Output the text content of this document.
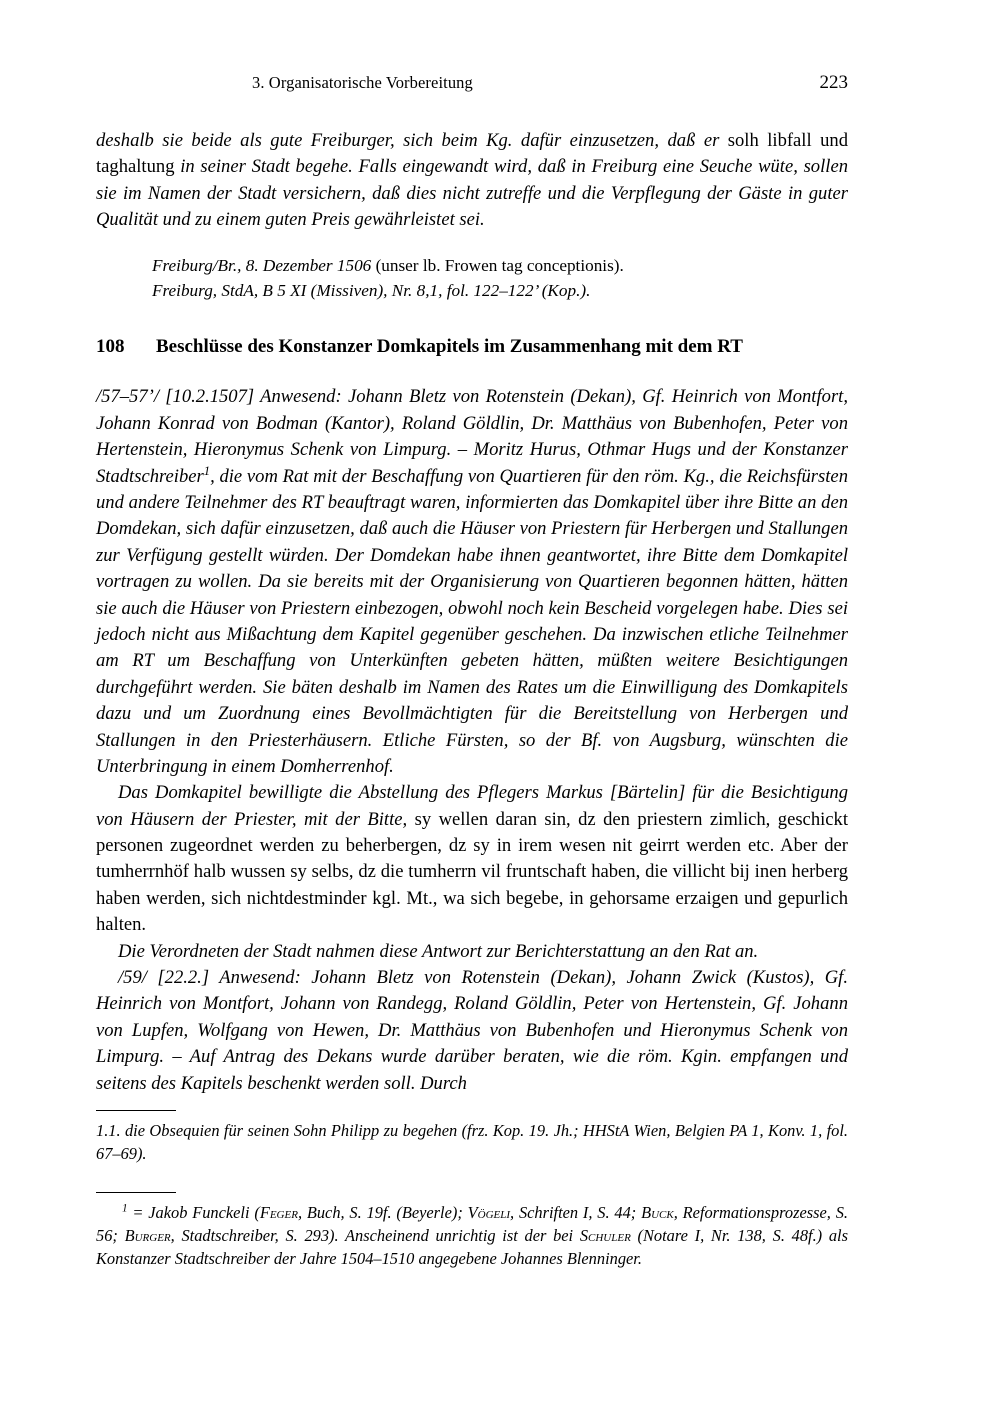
3. Organisatorische Vorbereitung	223

deshalb sie beide als gute Freiburger, sich beim Kg. dafür einzusetzen, daß er solh libfall und taghaltung in seiner Stadt begehe. Falls eingewandt wird, daß in Freiburg eine Seuche wüte, sollen sie im Namen der Stadt versichern, daß dies nicht zutreffe und die Verpflegung der Gäste in guter Qualität und zu einem guten Preis gewährleistet sei.

Freiburg/Br., 8. Dezember 1506 (unser lb. Frowen tag conceptionis).
Freiburg, StdA, B 5 XI (Missiven), Nr. 8,1, fol. 122–122’ (Kop.).
108	Beschlüsse des Konstanzer Domkapitels im Zusammenhang mit dem RT

/57–57’/ [10.2.1507] Anwesend: Johann Bletz von Rotenstein (Dekan), Gf. Heinrich von Montfort, Johann Konrad von Bodman (Kantor), Roland Göldlin, Dr. Matthäus von Bubenhofen, Peter von Hertenstein, Hieronymus Schenk von Limpurg. – Moritz Hurus, Othmar Hugs und der Konstanzer Stadtschreiber$^1$, die vom Rat mit der Beschaffung von Quartieren für den röm. Kg., die Reichsfürsten und andere Teilnehmer des RT beauftragt waren, informierten das Domkapitel über ihre Bitte an den Domdekan, sich dafür einzusetzen, daß auch die Häuser von Priestern für Herbergen und Stallungen zur Verfügung gestellt würden. Der Domdekan habe ihnen geantwortet, ihre Bitte dem Domkapitel vortragen zu wollen. Da sie bereits mit der Organisierung von Quartieren begonnen hätten, hätten sie auch die Häuser von Priestern einbezogen, obwohl noch kein Bescheid vorgelegen habe. Dies sei jedoch nicht aus Mißachtung dem Kapitel gegenüber geschehen. Da inzwischen etliche Teilnehmer am RT um Beschaffung von Unterkünften gebeten hätten, müßten weitere Besichtigungen durchgeführt werden. Sie bäten deshalb im Namen des Rates um die Einwilligung des Domkapitels dazu und um Zuordnung eines Bevollmächtigten für die Bereitstellung von Herbergen und Stallungen in den Priesterhäusern. Etliche Fürsten, so der Bf. von Augsburg, wünschten die Unterbringung in einem Domherrenhof.

Das Domkapitel bewilligte die Abstellung des Pflegers Markus [Bärtelin] für die Besichtigung von Häusern der Priester, mit der Bitte, sy wellen daran sin, dz den priestern zimlich, geschickt personen zugeordnet werden zu beherbergen, dz sy in irem wesen nit geirrt werden etc. Aber der tumherrnhöf halb wussen sy selbs, dz die tumherrn vil fruntschaft haben, die villicht bij inen herberg haben werden, sich nichtdestminder kgl. Mt., wa sich begebe, in gehorsame erzaigen und gepurlich halten.

Die Verordneten der Stadt nahmen diese Antwort zur Berichterstattung an den Rat an.

/59/ [22.2.] Anwesend: Johann Bletz von Rotenstein (Dekan), Johann Zwick (Kustos), Gf. Heinrich von Montfort, Johann von Randegg, Roland Göldlin, Peter von Hertenstein, Gf. Johann von Lupfen, Wolfgang von Hewen, Dr. Matthäus von Bubenhofen und Hieronymus Schenk von Limpurg. – Auf Antrag des Dekans wurde darüber beraten, wie die röm. Kgin. empfangen und seitens des Kapitels beschenkt werden soll. Durch

1.1. die Obsequien für seinen Sohn Philipp zu begehen (frz. Kop. 19. Jh.; HHStA Wien, Belgien PA 1, Konv. 1, fol. 67–69).

$^1$ = Jakob Funckeli (Feger, Buch, S. 19f. (Beyerle); Vögeli, Schriften I, S. 44; Buck, Reformationsprozesse, S. 56; Burger, Stadtschreiber, S. 293). Anscheinend unrichtig ist der bei Schuler (Notare I, Nr. 138, S. 48f.) als Konstanzer Stadtschreiber der Jahre 1504–1510 angegebene Johannes Blenninger.
